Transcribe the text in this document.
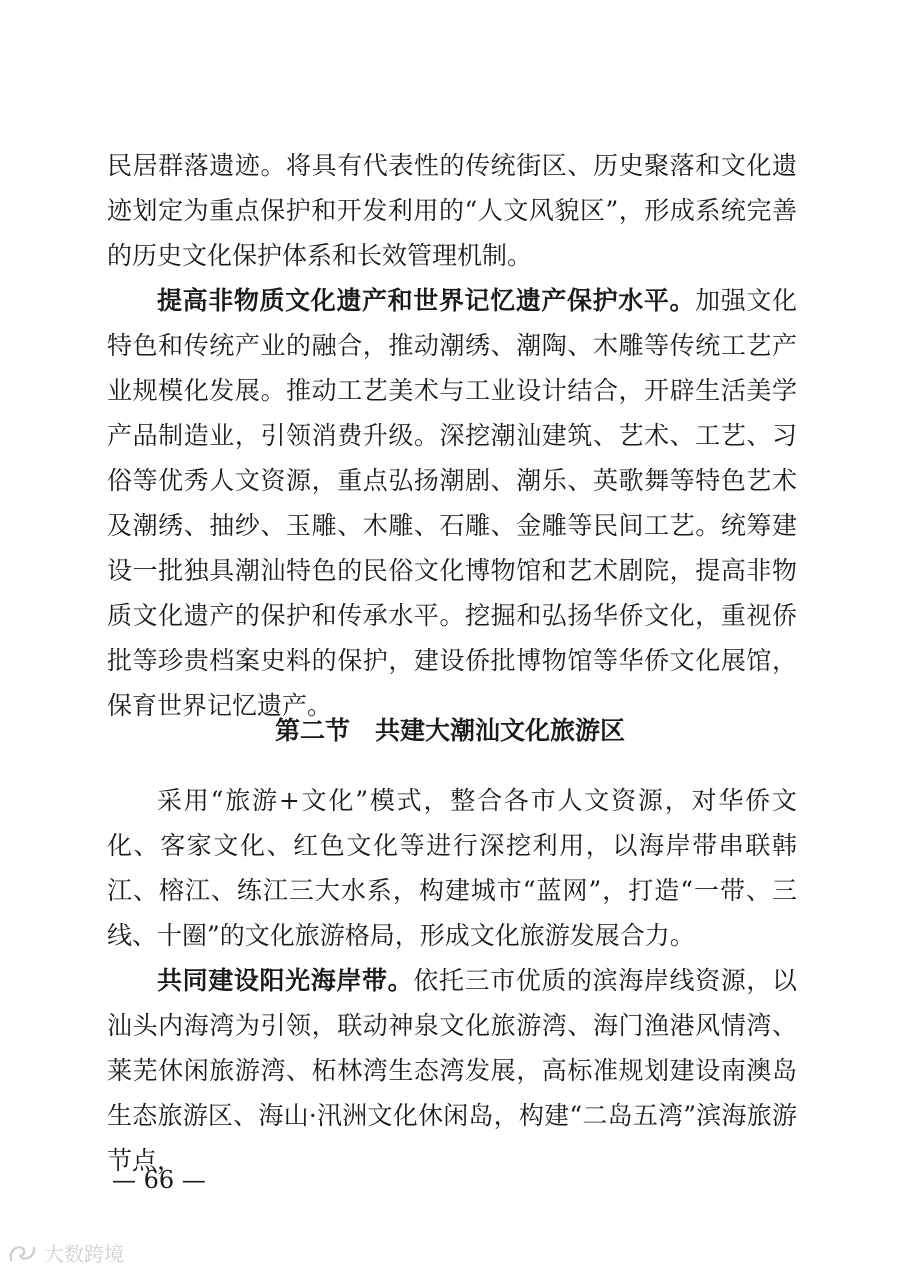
民居群落遗迹。将具有代表性的传统街区、历史聚落和文化遗迹划定为重点保护和开发利用的“人文风貌区”，形成系统完善的历史文化保护体系和长效管理机制。

提高非物质文化遗产和世界记忆遗产保护水平。加强文化特色和传统产业的融合，推动潮绣、潮陶、木雕等传统工艺产业规模化发展。推动工艺美术与工业设计结合，开辟生活美学产品制造业，引领消费升级。深挖潮汕建筑、艺术、工艺、习俗等优秀人文资源，重点弘扬潮剧、潮乐、英歌舞等特色艺术及潮绣、抽纱、玉雕、木雕、石雕、金雕等民间工艺。统筹建设一批独具潮汕特色的民俗文化博物馆和艺术剧院，提高非物质文化遗产的保护和传承水平。挖掘和弘扬华侨文化，重视侨批等珍贵档案史料的保护，建设侨批博物馆等华侨文化展馆，保育世界记忆遗产。

第二节　共建大潮汕文化旅游区

采用“旅游+文化”模式，整合各市人文资源，对华侨文化、客家文化、红色文化等进行深挖利用，以海岸带串联韩江、榕江、练江三大水系，构建城市“蓝网”，打造“一带、三线、十圈”的文化旅游格局，形成文化旅游发展合力。

共同建设阳光海岸带。依托三市优质的滨海岸线资源，以汕头内海湾为引领，联动神泉文化旅游湾、海门渔港风情湾、莱芜休闲旅游湾、柘林湾生态湾发展，高标准规划建设南澳岛生态旅游区、海山·汛洲文化休闲岛，构建“二岛五湾”滨海旅游节点，

— 66 —
大数跨境
